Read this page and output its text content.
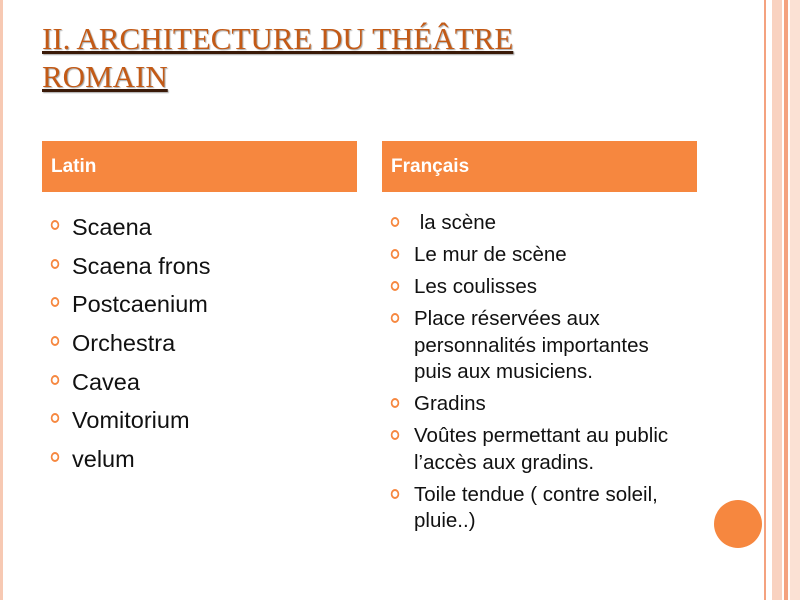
II. ARCHITECTURE DU THÉÂTRE ROMAIN
Latin	Français
Scaena
Scaena frons
Postcaenium
Orchestra
Cavea
Vomitorium
velum
la scène
Le mur de scène
Les coulisses
Place réservées aux personnalités importantes puis aux musiciens.
Gradins
Voûtes permettant au public l’accès aux gradins.
Toile tendue ( contre soleil, pluie..)
